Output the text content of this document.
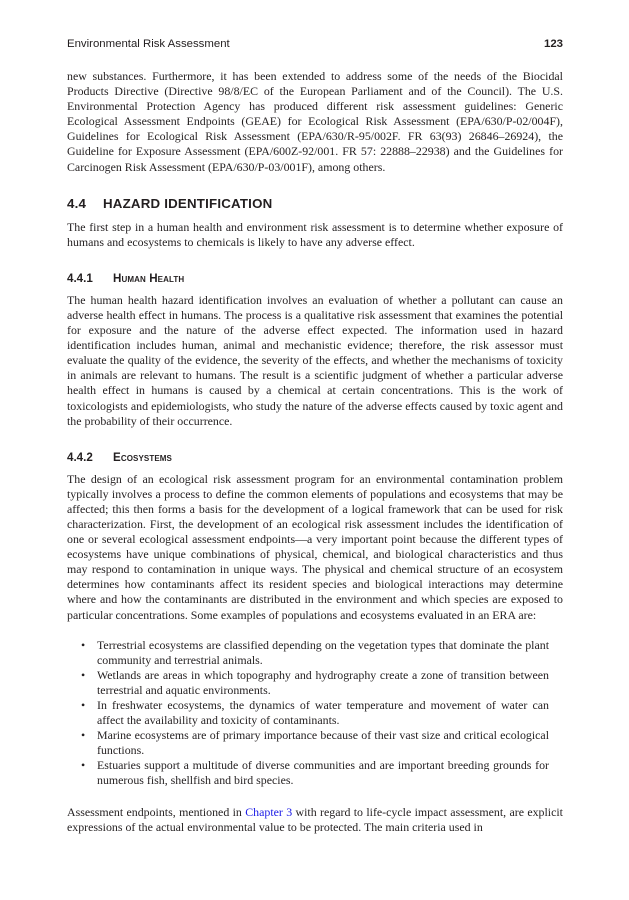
Environmental Risk Assessment	123

new substances. Furthermore, it has been extended to address some of the needs of the Biocidal Products Directive (Directive 98/8/EC of the European Parliament and of the Council). The U.S. Environmental Protection Agency has produced different risk assessment guidelines: Generic Ecological Assessment Endpoints (GEAE) for Ecological Risk Assessment (EPA/630/P-02/004F), Guidelines for Ecological Risk Assessment (EPA/630/R-95/002F. FR 63(93) 26846–26924), the Guideline for Exposure Assessment (EPA/600Z-92/001. FR 57: 22888–22938) and the Guidelines for Carcinogen Risk Assessment (EPA/630/P-03/001F), among others.

4.4 HAZARD IDENTIFICATION

The first step in a human health and environment risk assessment is to determine whether exposure of humans and ecosystems to chemicals is likely to have any adverse effect.

4.4.1 Human Health

The human health hazard identification involves an evaluation of whether a pollutant can cause an adverse health effect in humans. The process is a qualitative risk assessment that examines the potential for exposure and the nature of the adverse effect expected. The information used in hazard identification includes human, animal and mechanistic evidence; therefore, the risk assessor must evaluate the quality of the evidence, the severity of the effects, and whether the mechanisms of toxicity in animals are relevant to humans. The result is a scientific judgment of whether a particular adverse health effect in humans is caused by a chemical at certain concentrations. This is the work of toxicologists and epidemiologists, who study the nature of the adverse effects caused by toxic agent and the probability of their occurrence.

4.4.2 Ecosystems

The design of an ecological risk assessment program for an environmental contamination problem typically involves a process to define the common elements of populations and ecosystems that may be affected; this then forms a basis for the development of a logical framework that can be used for risk characterization. First, the development of an ecological risk assessment includes the identification of one or several ecological assessment endpoints—a very important point because the different types of ecosystems have unique combinations of physical, chemical, and biological characteristics and thus may respond to contamination in unique ways. The physical and chemical structure of an ecosystem determines how contaminants affect its resident species and biological interactions may determine where and how the contaminants are distributed in the environment and which species are exposed to particular concentrations. Some examples of populations and ecosystems evaluated in an ERA are:

• Terrestrial ecosystems are classified depending on the vegetation types that dominate the plant community and terrestrial animals.
• Wetlands are areas in which topography and hydrography create a zone of transition between terrestrial and aquatic environments.
• In freshwater ecosystems, the dynamics of water temperature and movement of water can affect the availability and toxicity of contaminants.
• Marine ecosystems are of primary importance because of their vast size and critical ecological functions.
• Estuaries support a multitude of diverse communities and are important breeding grounds for numerous fish, shellfish and bird species.

Assessment endpoints, mentioned in Chapter 3 with regard to life-cycle impact assessment, are explicit expressions of the actual environmental value to be protected. The main criteria used in
